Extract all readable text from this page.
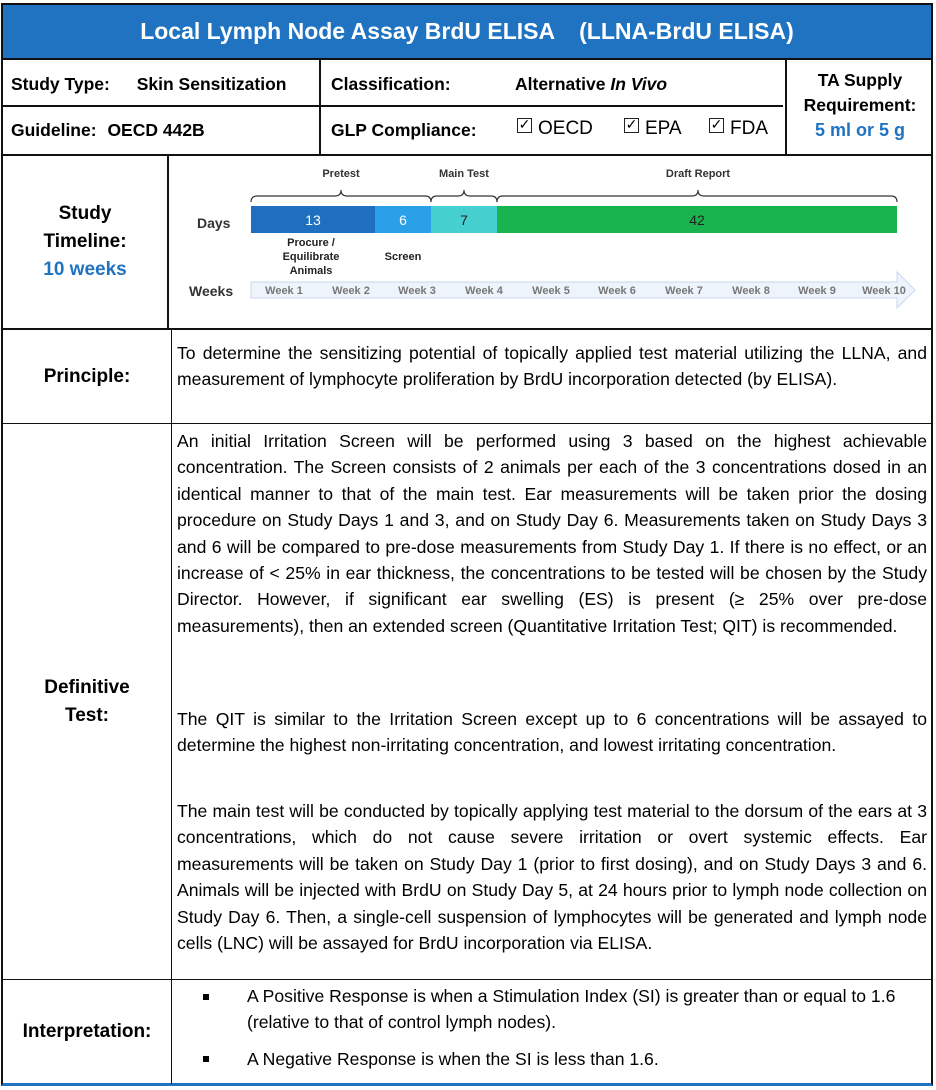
Local Lymph Node Assay BrdU ELISA (LLNA-BrdU ELISA)
Study Type: Skin Sensitization	Classification:	Alternative In Vivo
Guideline: OECD 442B	GLP Compliance:	✓ OECD ✓ EPA ✓ FDA
TA Supply
Requirement:
5 ml or 5 g
Study
Timeline:
10 weeks
Pretest	Main Test	Draft Report
Days	13	6	7	42
Procure /
Equilibrate
Animals
Screen
Weeks	Week 1	Week 2	Week 3	Week 4	Week 5	Week 6	Week 7	Week 8	Week 9 Week 10
Principle:
To determine the sensitizing potential of topically applied test material utilizing the LLNA, and measurement of lymphocyte proliferation by BrdU incorporation detected (by ELISA).
Definitive
Test:
An initial Irritation Screen will be performed using 3 based on the highest achievable concentration. The Screen consists of 2 animals per each of the 3 concentrations dosed in an identical manner to that of the main test. Ear measurements will be taken prior the dosing procedure on Study Days 1 and 3, and on Study Day 6. Measurements taken on Study Days 3 and 6 will be compared to pre-dose measurements from Study Day 1. If there is no effect, or an increase of < 25% in ear thickness, the concentrations to be tested will be chosen by the Study Director. However, if significant ear swelling (ES) is present (≥ 25% over pre-dose measurements), then an extended screen (Quantitative Irritation Test; QIT) is recommended.
The QIT is similar to the Irritation Screen except up to 6 concentrations will be assayed to determine the highest non-irritating concentration, and lowest irritating concentration.
The main test will be conducted by topically applying test material to the dorsum of the ears at 3 concentrations, which do not cause severe irritation or overt systemic effects. Ear measurements will be taken on Study Day 1 (prior to first dosing), and on Study Days 3 and 6. Animals will be injected with BrdU on Study Day 5, at 24 hours prior to lymph node collection on Study Day 6. Then, a single-cell suspension of lymphocytes will be generated and lymph node cells (LNC) will be assayed for BrdU incorporation via ELISA.
Interpretation:
A Positive Response is when a Stimulation Index (SI) is greater than or equal to 1.6 (relative to that of control lymph nodes).
A Negative Response is when the SI is less than 1.6.
